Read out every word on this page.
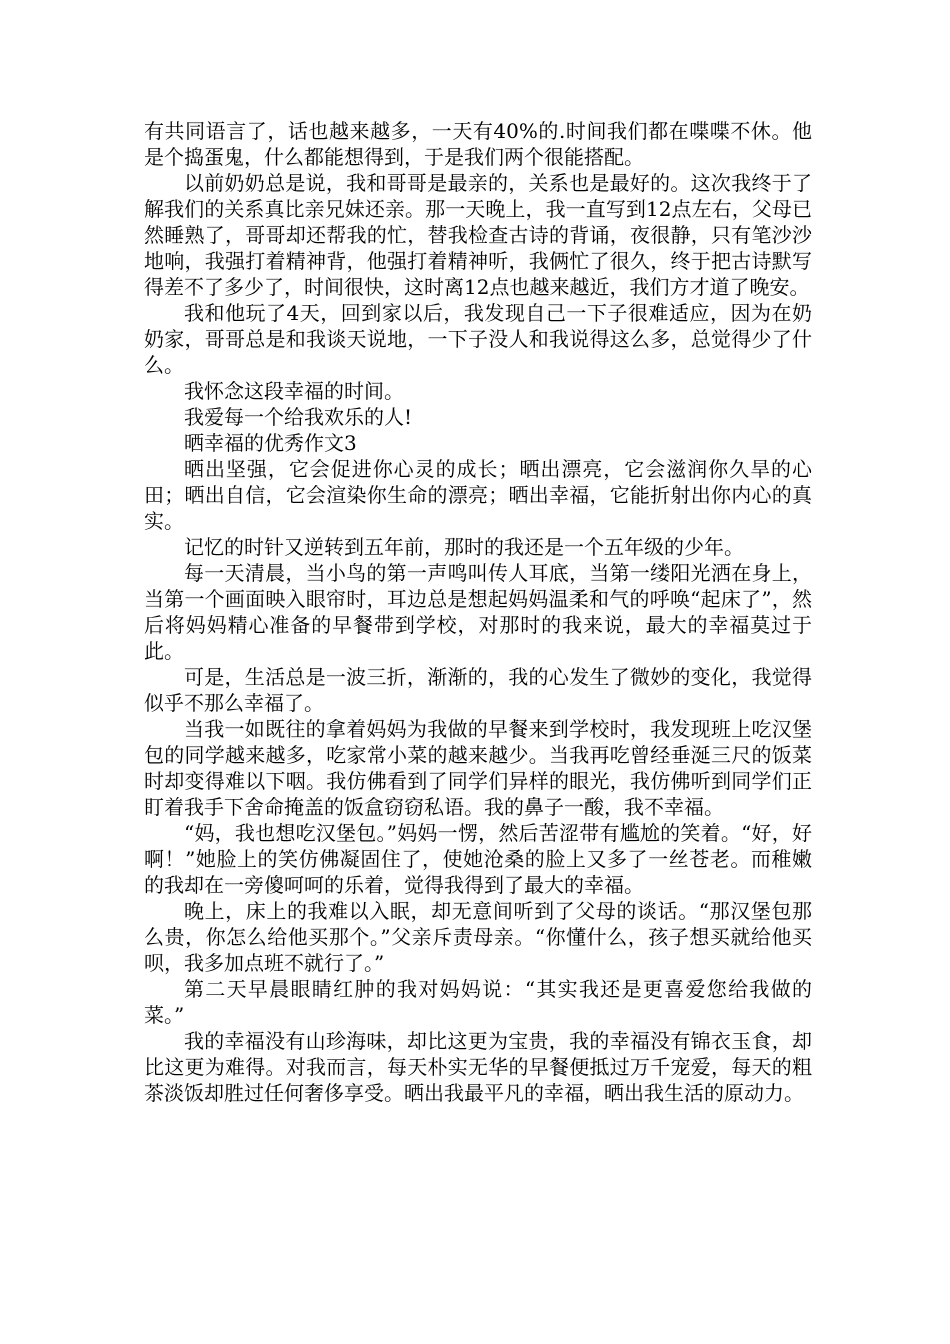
有共同语言了，话也越来越多，一天有40%的.时间我们都在喋喋不休。他是个捣蛋鬼，什么都能想得到，于是我们两个很能搭配。

以前奶奶总是说，我和哥哥是最亲的，关系也是最好的。这次我终于了解我们的关系真比亲兄妹还亲。那一天晚上，我一直写到12点左右，父母已然睡熟了，哥哥却还帮我的忙，替我检查古诗的背诵，夜很静，只有笔沙沙地响，我强打着精神背，他强打着精神听，我俩忙了很久，终于把古诗默写得差不了多少了，时间很快，这时离12点也越来越近，我们方才道了晚安。

我和他玩了4天，回到家以后，我发现自己一下子很难适应，因为在奶奶家，哥哥总是和我谈天说地，一下子没人和我说得这么多，总觉得少了什么。

我怀念这段幸福的时间。

我爱每一个给我欢乐的人!

晒幸福的优秀作文3

晒出坚强，它会促进你心灵的成长；晒出漂亮，它会滋润你久旱的心田；晒出自信，它会渲染你生命的漂亮；晒出幸福，它能折射出你内心的真实。

记忆的时针又逆转到五年前，那时的我还是一个五年级的少年。

每一天清晨，当小鸟的第一声鸣叫传人耳底，当第一缕阳光洒在身上，当第一个画面映入眼帘时，耳边总是想起妈妈温柔和气的呼唤“起床了”，然后将妈妈精心准备的早餐带到学校，对那时的我来说，最大的幸福莫过于此。

可是，生活总是一波三折，渐渐的，我的心发生了微妙的变化，我觉得似乎不那么幸福了。

当我一如既往的拿着妈妈为我做的早餐来到学校时，我发现班上吃汉堡包的同学越来越多，吃家常小菜的越来越少。当我再吃曾经垂涎三尺的饭菜时却变得难以下咽。我仿佛看到了同学们异样的眼光，我仿佛听到同学们正盯着我手下舍命掩盖的饭盒窃窃私语。我的鼻子一酸，我不幸福。

“妈，我也想吃汉堡包。”妈妈一愣，然后苦涩带有尴尬的笑着。“好，好啊！”她脸上的笑仿佛凝固住了，使她沧桑的脸上又多了一丝苍老。而稚嫩的我却在一旁傻呵呵的乐着，觉得我得到了最大的幸福。

晚上，床上的我难以入眠，却无意间听到了父母的谈话。“那汉堡包那么贵，你怎么给他买那个。”父亲斥责母亲。“你懂什么，孩子想买就给他买呗，我多加点班不就行了。”

第二天早晨眼睛红肿的我对妈妈说：“其实我还是更喜爱您给我做的菜。”

我的幸福没有山珍海味，却比这更为宝贵，我的幸福没有锦衣玉食，却比这更为难得。对我而言，每天朴实无华的早餐便抵过万千宠爱，每天的粗茶淡饭却胜过任何奢侈享受。晒出我最平凡的幸福，晒出我生活的原动力。
